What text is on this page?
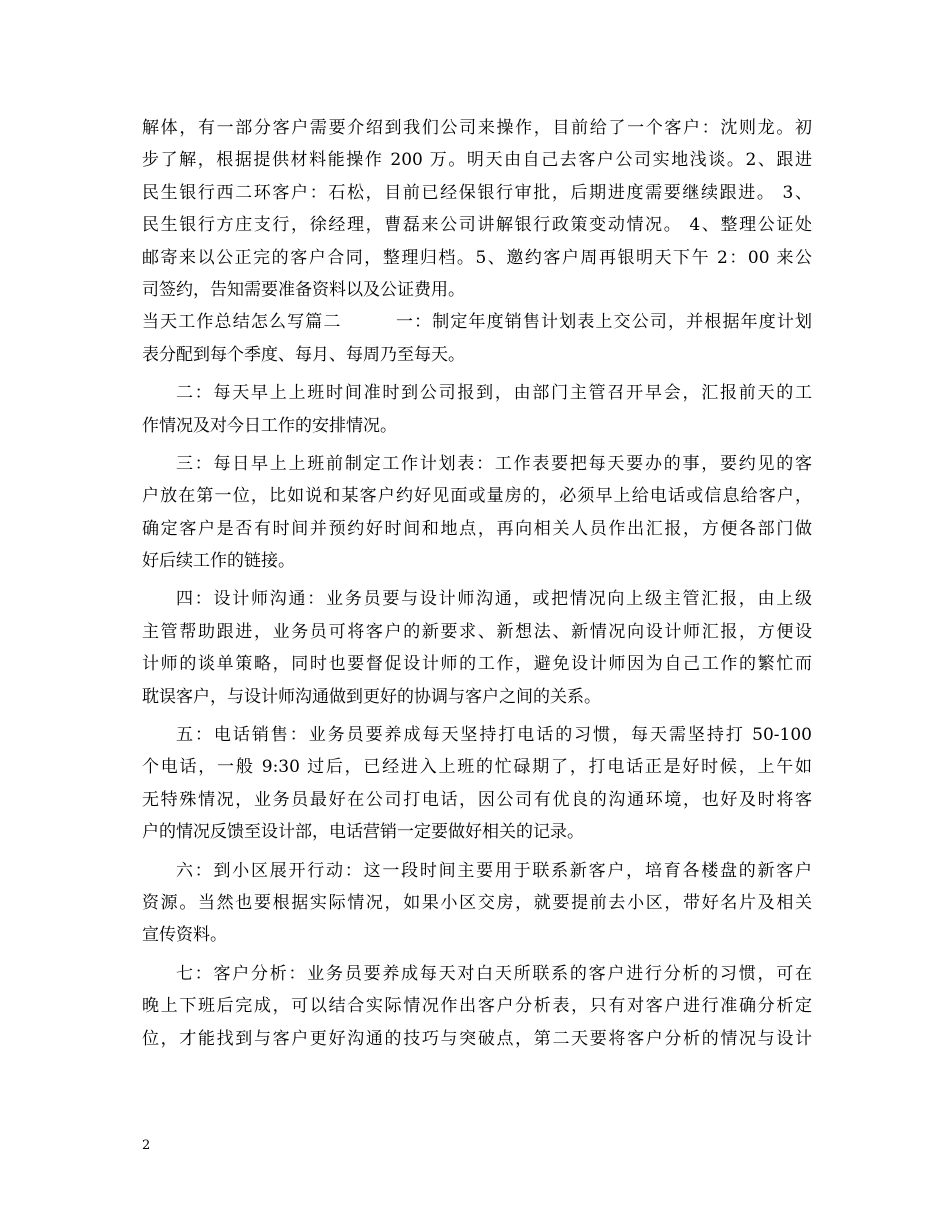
解体，有一部分客户需要介绍到我们公司来操作，目前给了一个客户：沈则龙。初
步了解，根据提供材料能操作 200 万。明天由自己去客户公司实地浅谈。2、跟进
民生银行西二环客户：石松，目前已经保银行审批，后期进度需要继续跟进。 3、
民生银行方庄支行，徐经理，曹磊来公司讲解银行政策变动情况。 4、整理公证处
邮寄来以公正完的客户合同，整理归档。5、邀约客户周再银明天下午 2：00 来公
司签约，告知需要准备资料以及公证费用。
当天工作总结怎么写篇二　　　一：制定年度销售计划表上交公司，并根据年度计划
表分配到每个季度、每月、每周乃至每天。
二：每天早上上班时间准时到公司报到，由部门主管召开早会，汇报前天的工
作情况及对今日工作的安排情况。
三：每日早上上班前制定工作计划表：工作表要把每天要办的事，要约见的客
户放在第一位，比如说和某客户约好见面或量房的，必须早上给电话或信息给客户，
确定客户是否有时间并预约好时间和地点，再向相关人员作出汇报，方便各部门做
好后续工作的链接。
四：设计师沟通：业务员要与设计师沟通，或把情况向上级主管汇报，由上级
主管帮助跟进，业务员可将客户的新要求、新想法、新情况向设计师汇报，方便设
计师的谈单策略，同时也要督促设计师的工作，避免设计师因为自己工作的繁忙而
耽误客户，与设计师沟通做到更好的协调与客户之间的关系。
五：电话销售：业务员要养成每天坚持打电话的习惯，每天需坚持打 50-100
个电话，一般 9:30 过后，已经进入上班的忙碌期了，打电话正是好时候，上午如
无特殊情况，业务员最好在公司打电话，因公司有优良的沟通环境，也好及时将客
户的情况反馈至设计部，电话营销一定要做好相关的记录。
六：到小区展开行动：这一段时间主要用于联系新客户，培育各楼盘的新客户
资源。当然也要根据实际情况，如果小区交房，就要提前去小区，带好名片及相关
宣传资料。
七：客户分析：业务员要养成每天对白天所联系的客户进行分析的习惯，可在
晚上下班后完成，可以结合实际情况作出客户分析表，只有对客户进行准确分析定
位，才能找到与客户更好沟通的技巧与突破点，第二天要将客户分析的情况与设计
2
